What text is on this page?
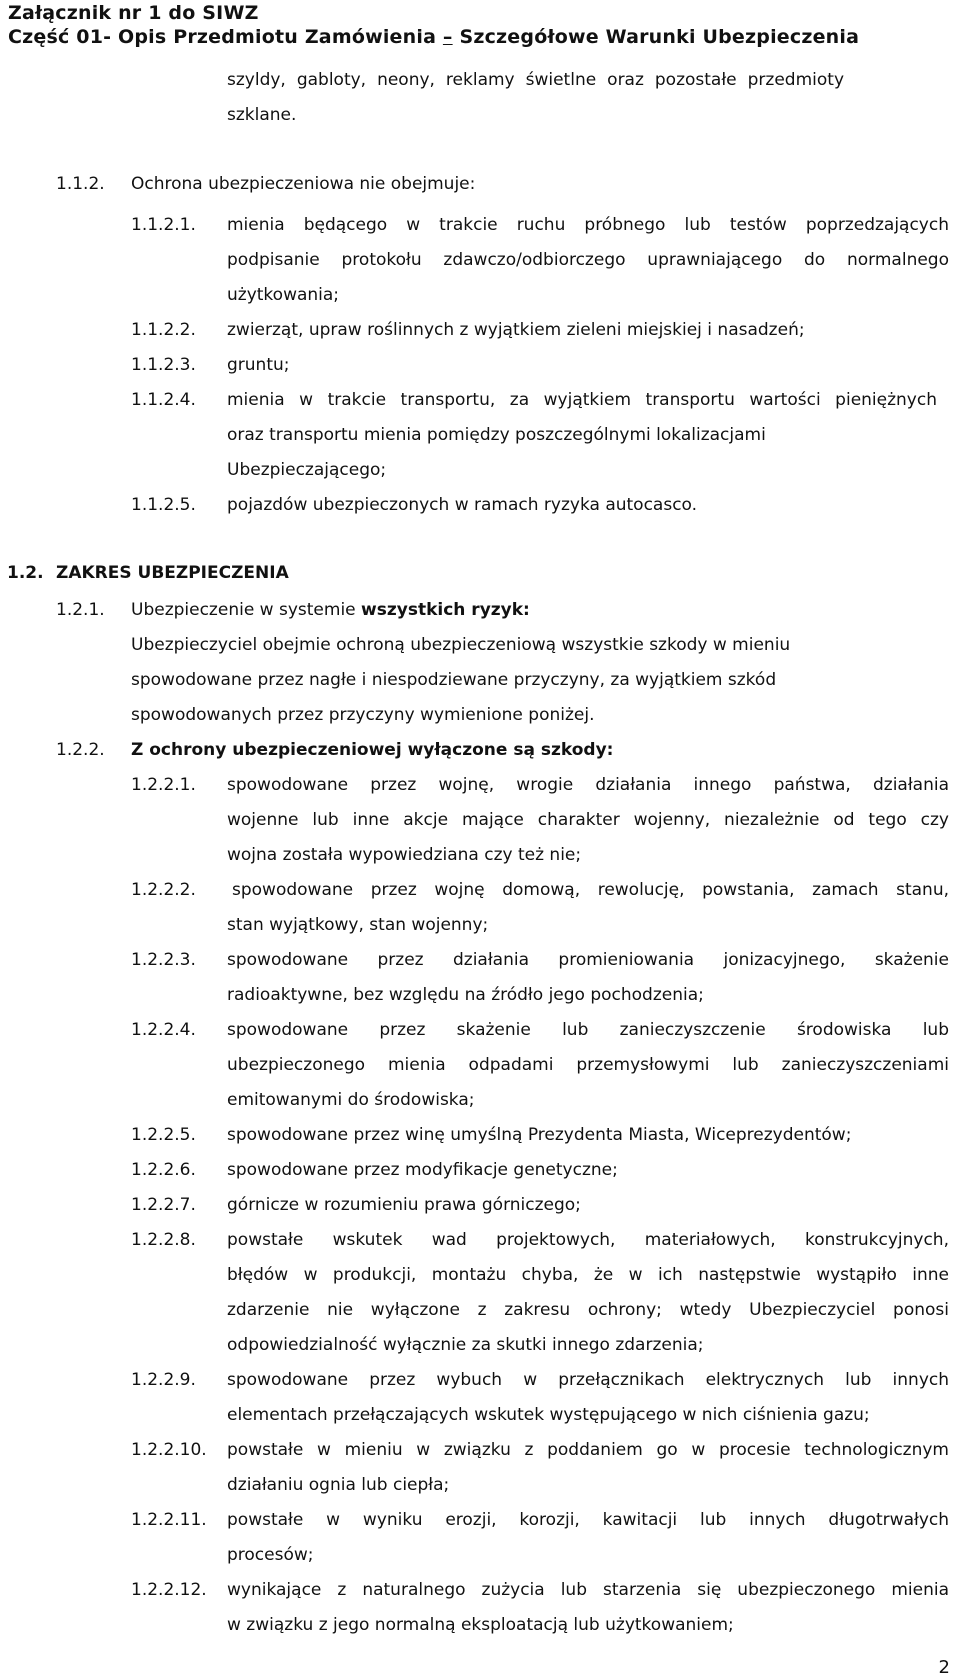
Załącznik nr 1 do SIWZ
Część 01- Opis Przedmiotu Zamówienia – Szczegółowe Warunki Ubezpieczenia
szyldy, gabloty, neony, reklamy świetlne oraz pozostałe przedmioty
szklane.
1.1.2. Ochrona ubezpieczeniowa nie obejmuje:
1.1.2.1. mienia będącego w trakcie ruchu próbnego lub testów poprzedzających
podpisanie protokołu zdawczo/odbiorczego uprawniającego do normalnego
użytkowania;
1.1.2.2. zwierząt, upraw roślinnych z wyjątkiem zieleni miejskiej i nasadzeń;
1.1.2.3. gruntu;
1.1.2.4. mienia w trakcie transportu, za wyjątkiem transportu wartości pieniężnych
oraz transportu mienia pomiędzy poszczególnymi lokalizacjami
Ubezpieczającego;
1.1.2.5. pojazdów ubezpieczonych w ramach ryzyka autocasco.
1.2. ZAKRES UBEZPIECZENIA
1.2.1. Ubezpieczenie w systemie wszystkich ryzyk:
Ubezpieczyciel obejmie ochroną ubezpieczeniową wszystkie szkody w mieniu
spowodowane przez nagłe i niespodziewane przyczyny, za wyjątkiem szkód
spowodowanych przez przyczyny wymienione poniżej.
1.2.2. Z ochrony ubezpieczeniowej wyłączone są szkody:
1.2.2.1. spowodowane przez wojnę, wrogie działania innego państwa, działania
wojenne lub inne akcje mające charakter wojenny, niezależnie od tego czy
wojna została wypowiedziana czy też nie;
1.2.2.2. spowodowane przez wojnę domową, rewolucję, powstania, zamach stanu,
stan wyjątkowy, stan wojenny;
1.2.2.3. spowodowane przez działania promieniowania jonizacyjnego, skażenie
radioaktywne, bez względu na źródło jego pochodzenia;
1.2.2.4. spowodowane przez skażenie lub zanieczyszczenie środowiska lub
ubezpieczonego mienia odpadami przemysłowymi lub zanieczyszczeniami
emitowanymi do środowiska;
1.2.2.5. spowodowane przez winę umyślną Prezydenta Miasta, Wiceprezydentów;
1.2.2.6. spowodowane przez modyfikacje genetyczne;
1.2.2.7. górnicze w rozumieniu prawa górniczego;
1.2.2.8. powstałe wskutek wad projektowych, materiałowych, konstrukcyjnych,
błędów w produkcji, montażu chyba, że w ich następstwie wystąpiło inne
zdarzenie nie wyłączone z zakresu ochrony; wtedy Ubezpieczyciel ponosi
odpowiedzialność wyłącznie za skutki innego zdarzenia;
1.2.2.9. spowodowane przez wybuch w przełącznikach elektrycznych lub innych
elementach przełączających wskutek występującego w nich ciśnienia gazu;
1.2.2.10. powstałe w mieniu w związku z poddaniem go w procesie technologicznym
działaniu ognia lub ciepła;
1.2.2.11. powstałe w wyniku erozji, korozji, kawitacji lub innych długotrwałych
procesów;
1.2.2.12. wynikające z naturalnego zużycia lub starzenia się ubezpieczonego mienia
w związku z jego normalną eksploatacją lub użytkowaniem;
2
